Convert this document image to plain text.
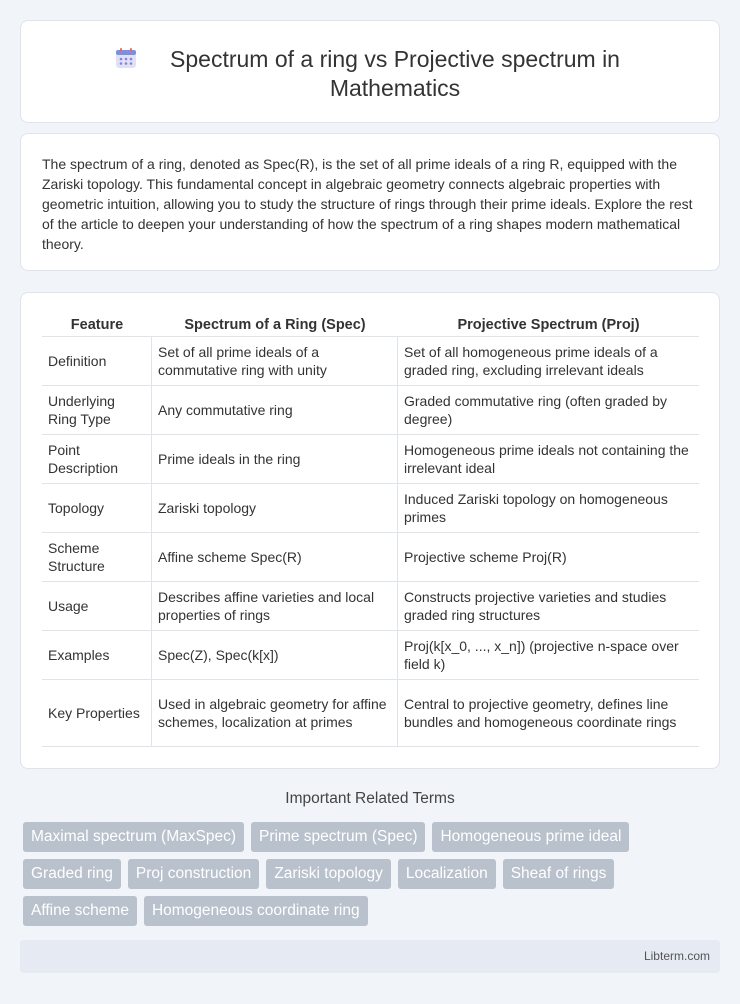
Spectrum of a ring vs Projective spectrum in Mathematics

The spectrum of a ring, denoted as Spec(R), is the set of all prime ideals of a ring R, equipped with the Zariski topology. This fundamental concept in algebraic geometry connects algebraic properties with geometric intuition, allowing you to study the structure of rings through their prime ideals. Explore the rest of the article to deepen your understanding of how the spectrum of a ring shapes modern mathematical theory.

Feature	Spectrum of a Ring (Spec)	Projective Spectrum (Proj)
Definition	Set of all prime ideals of a commutative ring with unity	Set of all homogeneous prime ideals of a graded ring, excluding irrelevant ideals
Underlying Ring Type	Any commutative ring	Graded commutative ring (often graded by degree)
Point Description	Prime ideals in the ring	Homogeneous prime ideals not containing the irrelevant ideal
Topology	Zariski topology	Induced Zariski topology on homogeneous primes
Scheme Structure	Affine scheme Spec(R)	Projective scheme Proj(R)
Usage	Describes affine varieties and local properties of rings	Constructs projective varieties and studies graded ring structures
Examples	Spec(Z), Spec(k[x])	Proj(k[x_0, ..., x_n]) (projective n-space over field k)
Key Properties	Used in algebraic geometry for affine schemes, localization at primes	Central to projective geometry, defines line bundles and homogeneous coordinate rings
Important Related Terms
Maximal spectrum (MaxSpec)	Prime spectrum (Spec)	Homogeneous prime ideal
Graded ring	Proj construction	Zariski topology	Localization	Sheaf of rings
Affine scheme	Homogeneous coordinate ring
Libterm.com
